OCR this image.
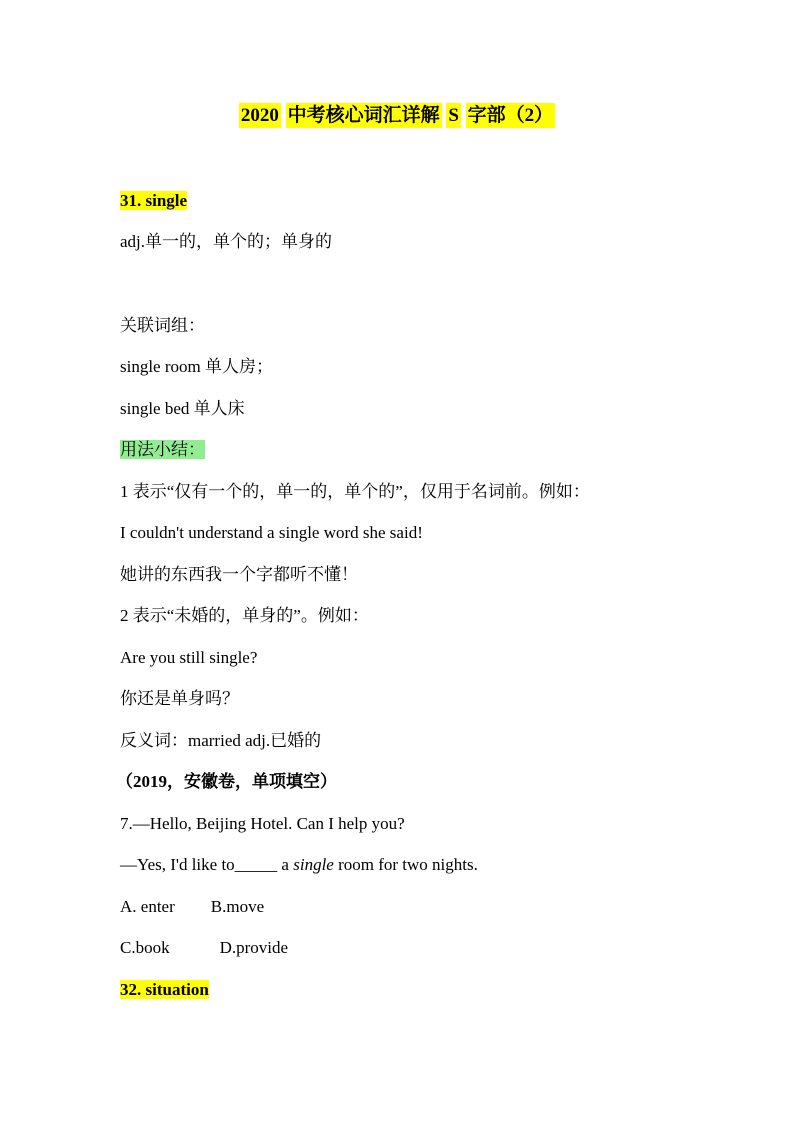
2020 中考核心词汇详解 S 字部（2）
31. single
adj.单一的，单个的；单身的
关联词组：
single room 单人房；
single bed 单人床
用法小结：
1 表示“仅有一个的，单一的，单个的”，仅用于名词前。例如：
I couldn't understand a single word she said!
她讲的东西我一个字都听不懂！
2 表示“未婚的，单身的”。例如：
Are you still single?
你还是单身吗？
反义词：married adj.已婚的
（2019，安徽卷，单项填空）
7.—Hello, Beijing Hotel. Can I help you?
—Yes, I'd like to_____ a single room for two nights.
A. enter B.move
C.book	D.provide
32. situation
